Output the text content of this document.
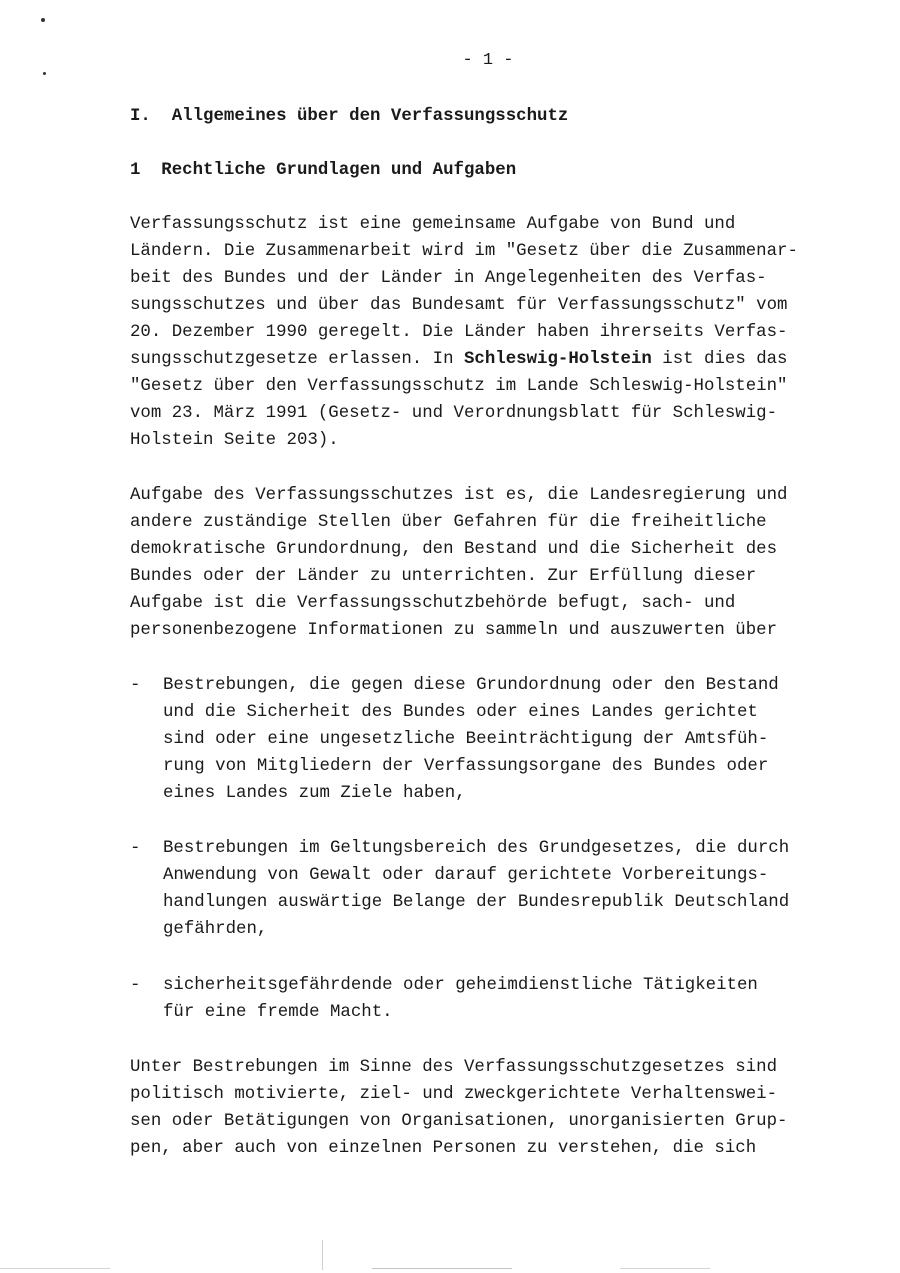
- 1 -
I.  Allgemeines über den Verfassungsschutz
1  Rechtliche Grundlagen und Aufgaben
Verfassungsschutz ist eine gemeinsame Aufgabe von Bund und
Ländern. Die Zusammenarbeit wird im "Gesetz über die Zusammenar-
beit des Bundes und der Länder in Angelegenheiten des Verfas-
sungsschutzes und über das Bundesamt für Verfassungsschutz" vom
20. Dezember 1990 geregelt. Die Länder haben ihrerseits Verfas-
sungsschutzgesetze erlassen. In Schleswig-Holstein ist dies das
"Gesetz über den Verfassungsschutz im Lande Schleswig-Holstein"
vom 23. März 1991 (Gesetz- und Verordnungsblatt für Schleswig-
Holstein Seite 203).
Aufgabe des Verfassungsschutzes ist es, die Landesregierung und
andere zuständige Stellen über Gefahren für die freiheitliche
demokratische Grundordnung, den Bestand und die Sicherheit des
Bundes oder der Länder zu unterrichten. Zur Erfüllung dieser
Aufgabe ist die Verfassungsschutzbehörde befugt, sach- und
personenbezogene Informationen zu sammeln und auszuwerten über
- Bestrebungen, die gegen diese Grundordnung oder den Bestand
und die Sicherheit des Bundes oder eines Landes gerichtet
sind oder eine ungesetzliche Beeinträchtigung der Amtsfüh-
rung von Mitgliedern der Verfassungsorgane des Bundes oder
eines Landes zum Ziele haben,
- Bestrebungen im Geltungsbereich des Grundgesetzes, die durch
Anwendung von Gewalt oder darauf gerichtete Vorbereitungs-
handlungen auswärtige Belange der Bundesrepublik Deutschland
gefährden,
- sicherheitsgefährdende oder geheimdienstliche Tätigkeiten
für eine fremde Macht.
Unter Bestrebungen im Sinne des Verfassungsschutzgesetzes sind
politisch motivierte, ziel- und zweckgerichtete Verhaltenswei-
sen oder Betätigungen von Organisationen, unorganisierten Grup-
pen, aber auch von einzelnen Personen zu verstehen, die sich
